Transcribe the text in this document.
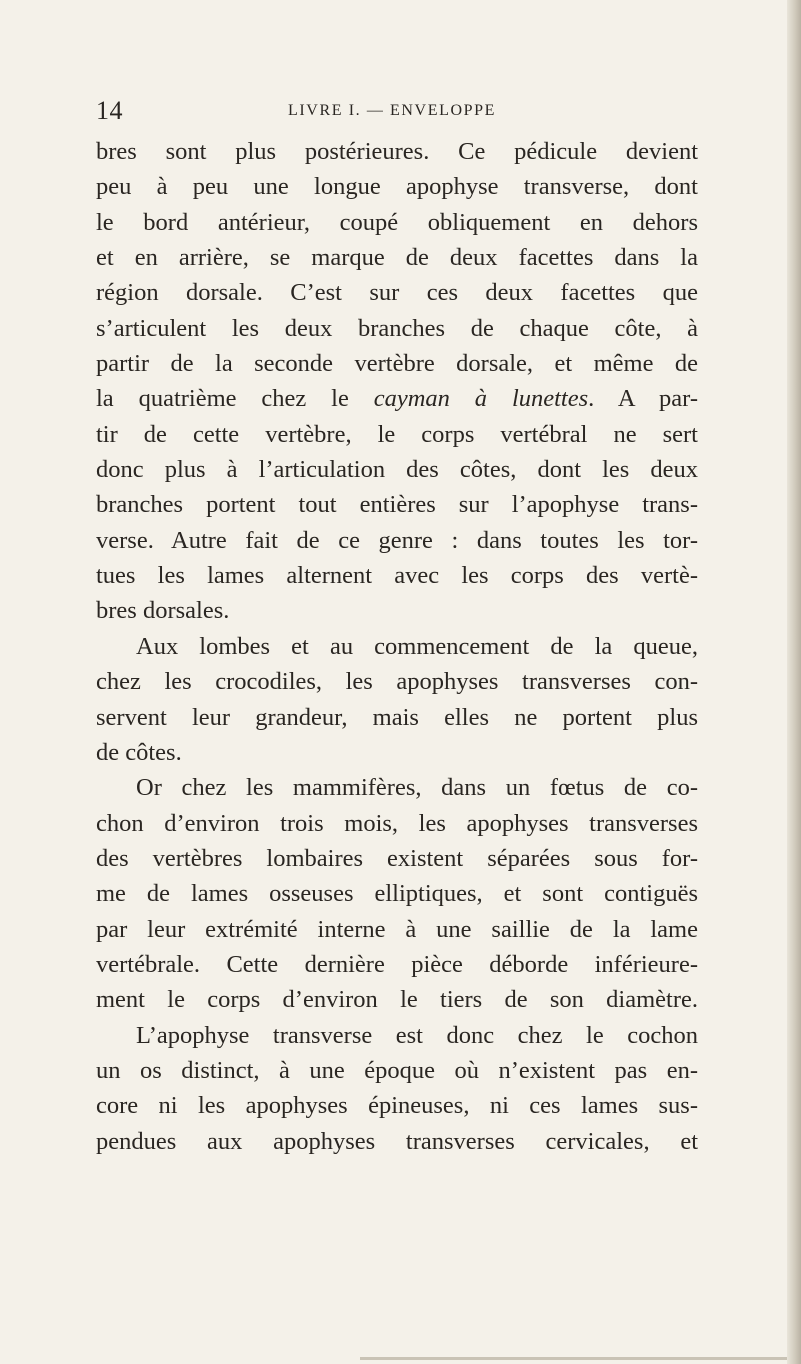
14	LIVRE I. — ENVELOPPE
bres sont plus postérieures. Ce pédicule devient
peu à peu une longue apophyse transverse, dont
le bord antérieur, coupé obliquement en dehors
et en arrière, se marque de deux facettes dans la
région dorsale. C’est sur ces deux facettes que
s’articulent les deux branches de chaque côte, à
partir de la seconde vertèbre dorsale, et même de
la quatrième chez le cayman à lunettes. A par-
tir de cette vertèbre, le corps vertébral ne sert
donc plus à l’articulation des côtes, dont les deux
branches portent tout entières sur l’apophyse trans-
verse. Autre fait de ce genre : dans toutes les tor-
tues les lames alternent avec les corps des vertè-
bres dorsales.
Aux lombes et au commencement de la queue,
chez les crocodiles, les apophyses transverses con-
servent leur grandeur, mais elles ne portent plus
de côtes.
Or chez les mammifères, dans un fœtus de co-
chon d’environ trois mois, les apophyses transverses
des vertèbres lombaires existent séparées sous for-
me de lames osseuses elliptiques, et sont contiguës
par leur extrémité interne à une saillie de la lame
vertébrale. Cette dernière pièce déborde inférieure-
ment le corps d’environ le tiers de son diamètre.
L’apophyse transverse est donc chez le cochon
un os distinct, à une époque où n’existent pas en-
core ni les apophyses épineuses, ni ces lames sus-
pendues aux apophyses transverses cervicales, et
